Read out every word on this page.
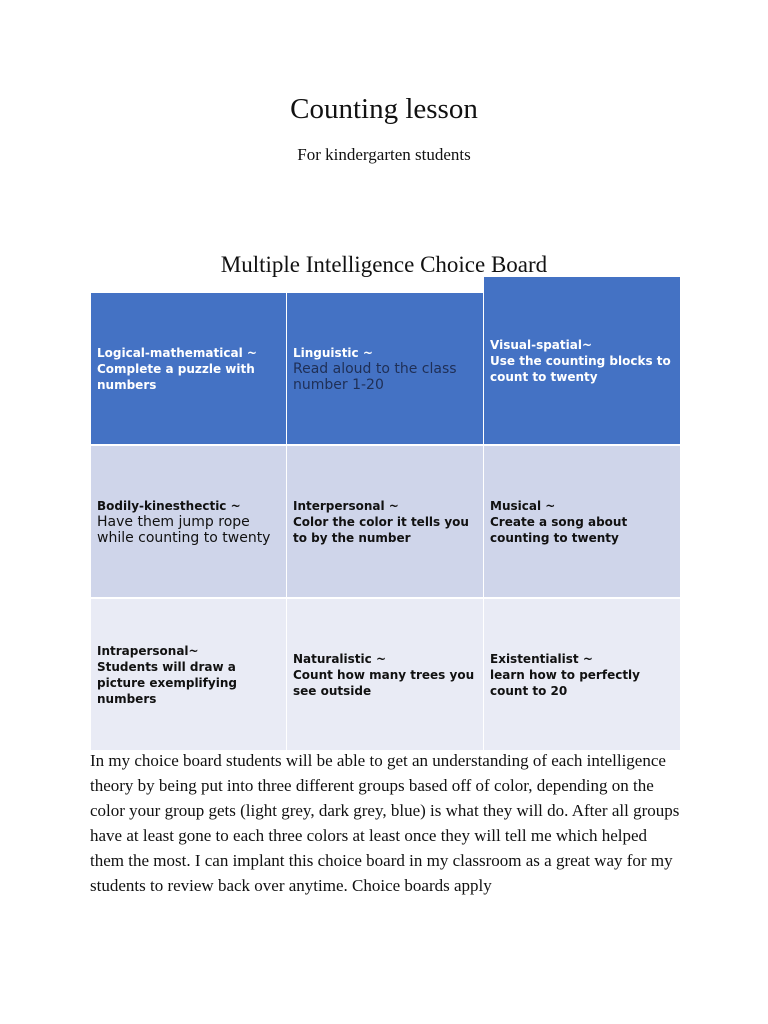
Counting lesson

For kindergarten students

Multiple Intelligence Choice Board
Logical-mathematical ~
Complete a puzzle with numbers
Linguistic ~
Read aloud to the class number 1-20
Visual-spatial~
Use the counting blocks to count to twenty
Bodily-kinesthectic ~
Have them jump rope while counting to twenty
Interpersonal ~
Color the color it tells you to by the number
Musical ~
Create a song about counting to twenty
Intrapersonal~
Students will draw a picture exemplifying numbers
Naturalistic ~
Count how many trees you see outside
Existentialist ~
learn how to perfectly count to 20

In my choice board students will be able to get an understanding of each intelligence theory by being put into three different groups based off of color, depending on the color your group gets (light grey, dark grey, blue) is what they will do. After all groups have at least gone to each three colors at least once they will tell me which helped them the most. I can implant this choice board in my classroom as a great way for my students to review back over anytime. Choice boards apply
